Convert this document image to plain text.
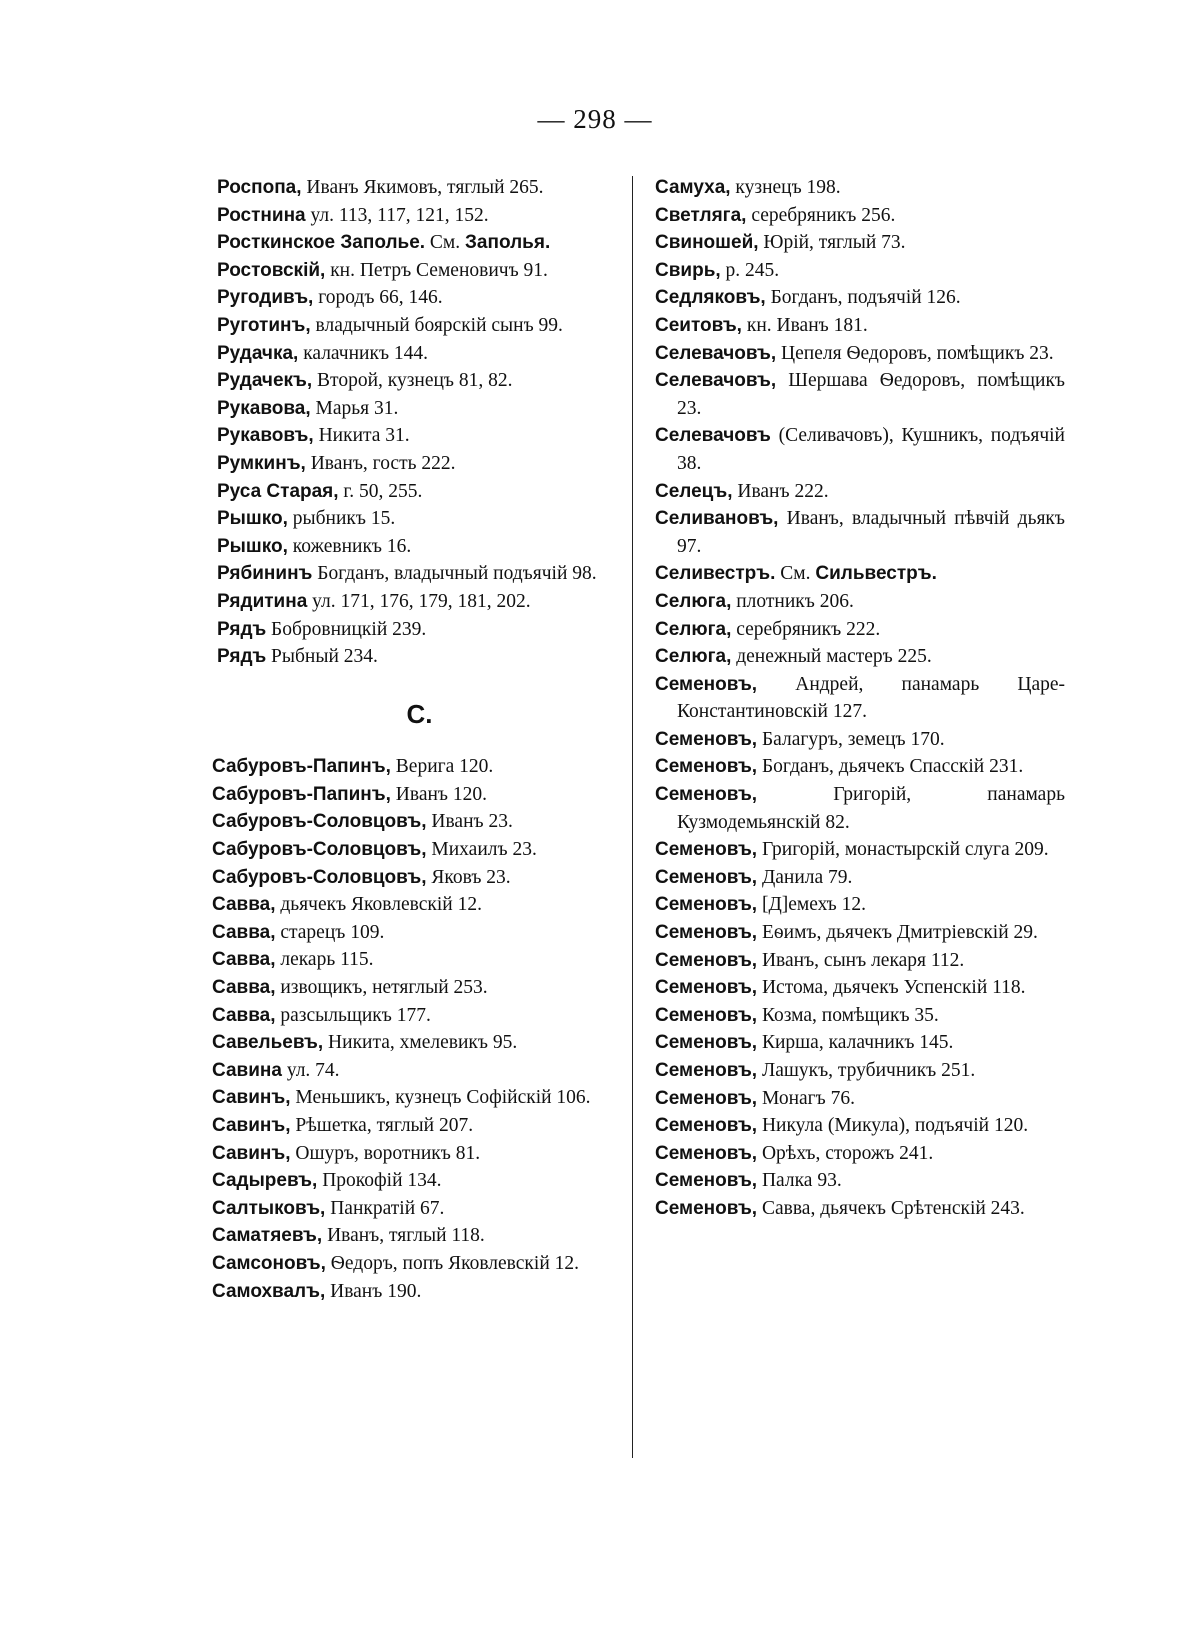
— 298 —
Роспопа, Иванъ Якимовъ, тяглый 265.
Ростнина ул. 113, 117, 121, 152.
Росткинское Заполье. См. Заполья.
Ростовскій, кн. Петръ Семеновичъ 91.
Ругодивъ, городъ 66, 146.
Руготинъ, владычный боярскій сынъ 99.
Рудачка, калачникъ 144.
Рудачекъ, Второй, кузнецъ 81, 82.
Рукавова, Марья 31.
Рукавовъ, Никита 31.
Румкинъ, Иванъ, гость 222.
Руса Старая, г. 50, 255.
Рышко, рыбникъ 15.
Рышко, кожевникъ 16.
Рябининъ Богданъ, владычный подъячій 98.
Рядитина ул. 171, 176, 179, 181, 202.
Рядъ Бобровницкій 239.
Рядъ Рыбный 234.
С.
Сабуровъ-Папинъ, Верига 120.
Сабуровъ-Папинъ, Иванъ 120.
Сабуровъ-Соловцовъ, Иванъ 23.
Сабуровъ-Соловцовъ, Михаилъ 23.
Сабуровъ-Соловцовъ, Яковъ 23.
Савва, дьячекъ Яковлевскій 12.
Савва, старецъ 109.
Савва, лекарь 115.
Савва, извощикъ, нетяглый 253.
Савва, разсыльщикъ 177.
Савельевъ, Никита, хмелевикъ 95.
Савина ул. 74.
Савинъ, Меньшикъ, кузнецъ Софійскій 106.
Савинъ, Рѣшетка, тяглый 207.
Савинъ, Ошуръ, воротникъ 81.
Садыревъ, Прокофій 134.
Салтыковъ, Панкратій 67.
Саматяевъ, Иванъ, тяглый 118.
Самсоновъ, Ѳедоръ, попъ Яковлевскій 12.
Самохвалъ, Иванъ 190.
Самуха, кузнецъ 198.
Светляга, серебряникъ 256.
Свиношей, Юрій, тяглый 73.
Свирь, р. 245.
Седляковъ, Богданъ, подъячій 126.
Сеитовъ, кн. Иванъ 181.
Селевачовъ, Цепеля Ѳедоровъ, помѣщикъ 23.
Селевачовъ, Шершава Ѳедоровъ, помѣщикъ 23.
Селевачовъ (Селивачовъ), Кушникъ, подъячій 38.
Селецъ, Иванъ 222.
Селивановъ, Иванъ, владычный пѣвчій дьякъ 97.
Селивестръ. См. Сильвестръ.
Селюга, плотникъ 206.
Селюга, серебряникъ 222.
Селюга, денежный мастеръ 225.
Семеновъ, Андрей, панамарь Царе-Константиновскій 127.
Семеновъ, Балагуръ, земецъ 170.
Семеновъ, Богданъ, дьячекъ Спасскій 231.
Семеновъ, Григорій, панамарь Кузмодемьянскій 82.
Семеновъ, Григорій, монастырскій слуга 209.
Семеновъ, Данила 79.
Семеновъ, [Д]емехъ 12.
Семеновъ, Еѳимъ, дьячекъ Дмитріевскій 29.
Семеновъ, Иванъ, сынъ лекаря 112.
Семеновъ, Истома, дьячекъ Успенскій 118.
Семеновъ, Козма, помѣщикъ 35.
Семеновъ, Кирша, калачникъ 145.
Семеновъ, Лашукъ, трубичникъ 251.
Семеновъ, Монагъ 76.
Семеновъ, Никула (Микула), подъячій 120.
Семеновъ, Орѣхъ, сторожъ 241.
Семеновъ, Палка 93.
Семеновъ, Савва, дьячекъ Срѣтенскій 243.
